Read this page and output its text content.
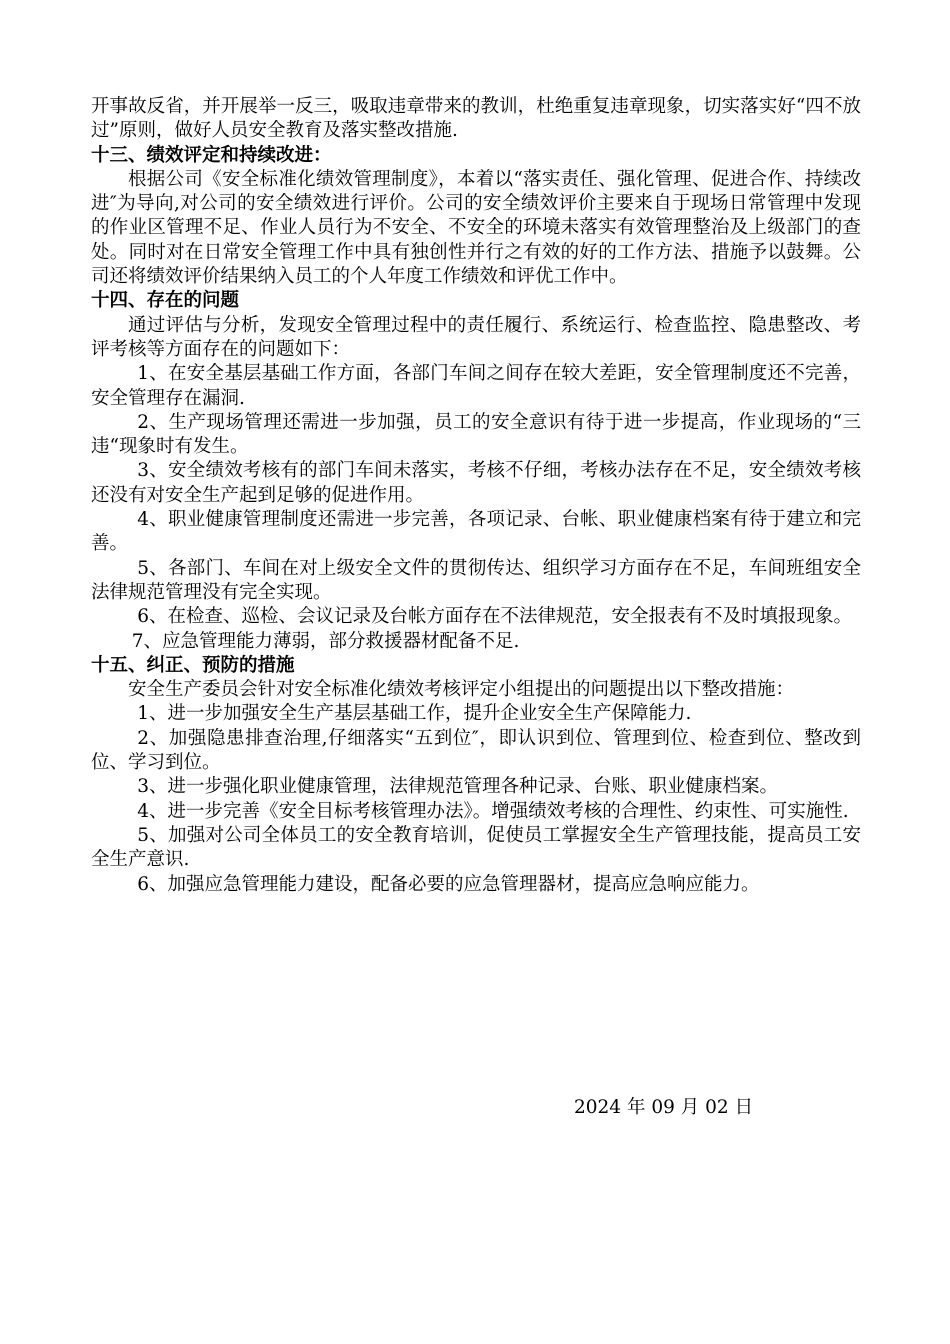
开事故反省，并开展举一反三，吸取违章带来的教训，杜绝重复违章现象，切实落实好“四不放过”原则，做好人员安全教育及落实整改措施.

十三、绩效评定和持续改进：

根据公司《安全标准化绩效管理制度》，本着以“落实责任、强化管理、促进合作、持续改进″为导向,对公司的安全绩效进行评价。公司的安全绩效评价主要来自于现场日常管理中发现的作业区管理不足、作业人员行为不安全、不安全的环境未落实有效管理整治及上级部门的查处。同时对在日常安全管理工作中具有独创性并行之有效的好的工作方法、措施予以鼓舞。公司还将绩效评价结果纳入员工的个人年度工作绩效和评优工作中。

十四、存在的问题

通过评估与分析，发现安全管理过程中的责任履行、系统运行、检查监控、隐患整改、考评考核等方面存在的问题如下：

1、在安全基层基础工作方面，各部门车间之间存在较大差距，安全管理制度还不完善，安全管理存在漏洞.

2、生产现场管理还需进一步加强，员工的安全意识有待于进一步提高，作业现场的“三违“现象时有发生。

3、安全绩效考核有的部门车间未落实，考核不仔细，考核办法存在不足，安全绩效考核还没有对安全生产起到足够的促进作用。

4、职业健康管理制度还需进一步完善，各项记录、台帐、职业健康档案有待于建立和完善。

5、各部门、车间在对上级安全文件的贯彻传达、组织学习方面存在不足，车间班组安全法律规范管理没有完全实现。

6、在检查、巡检、会议记录及台帐方面存在不法律规范，安全报表有不及时填报现象。

7、应急管理能力薄弱，部分救援器材配备不足.

十五、纠正、预防的措施

安全生产委员会针对安全标准化绩效考核评定小组提出的问题提出以下整改措施：

1、进一步加强安全生产基层基础工作，提升企业安全生产保障能力.

2、加强隐患排查治理,仔细落实“五到位″，即认识到位、管理到位、检查到位、整改到位、学习到位。

3、进一步强化职业健康管理，法律规范管理各种记录、台账、职业健康档案。

4、进一步完善《安全目标考核管理办法》。增强绩效考核的合理性、约束性、可实施性.

5、加强对公司全体员工的安全教育培训，促使员工掌握安全生产管理技能，提高员工安全生产意识.

6、加强应急管理能力建设，配备必要的应急管理器材，提高应急响应能力。

2024 年 09 月 02 日
